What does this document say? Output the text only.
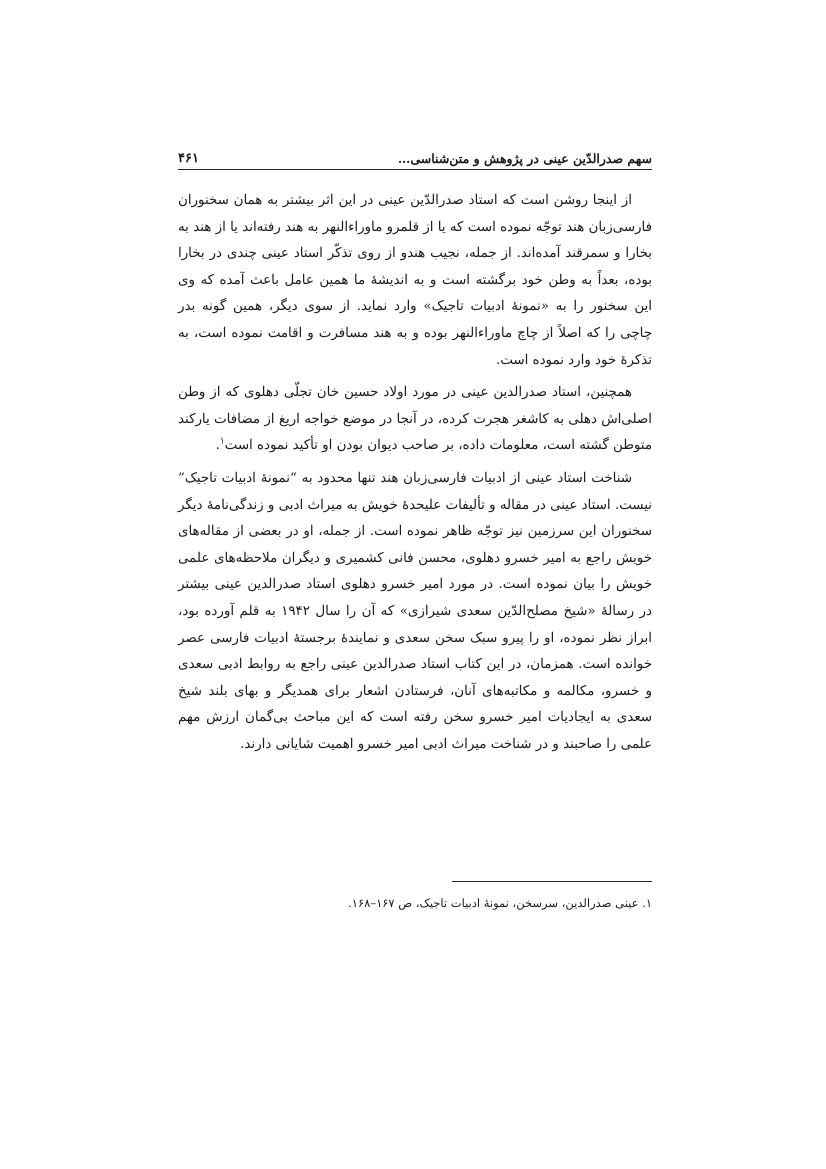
سهم صدرالدّین عینی در پژوهش و متن‌شناسی…
۴۶۱

از اینجا روشن است که استاد صدرالدّین عینی در این اثر بیشتر به همان سخنوران فارسی‌زبان هند توجّه نموده است که یا از قلمرو ماوراءالنهر به هند رفته‌اند یا از هند به بخارا و سمرقند آمده‌اند. از جمله، نجیب هندو از روی تذکّر استاد عینی چندی در بخارا بوده، بعداً به وطن خود برگشته است و به اندیشهٔ ما همین عامل باعث آمده که وی این سخنور را به «نمونهٔ ادبیات تاجیک» وارد نماید. از سوی دیگر، همین گونه بدر چاچی را که اصلاً از چاچ ماوراءالنهر بوده و به هند مسافرت و اقامت نموده است، به تذکرهٔ خود وارد نموده است.

همچنین، استاد صدرالدین عینی در مورد اولاد حسین خان تجلّی دهلوی که از وطن اصلی‌اش دهلی به کاشغر هجرت کرده، در آنجا در موضع خواجه اریغ از مضافات یارکند متوطن گشته است، معلومات داده، بر صاحب دیوان بودن او تأکید نموده است$^۱$.

شناخت استاد عینی از ادبیات فارسی‌زبان هند تنها محدود به “نمونهٔ ادبیات تاجیک” نیست. استاد عینی در مقاله و تألیفات علیحدهٔ خویش به میراث ادبی و زندگی‌نامهٔ دیگر سخنوران این سرزمین نیز توجّه ظاهر نموده است. از جمله، او در بعضی از مقاله‌های خویش راجع به امیر خسرو دهلوی، محسن فانی کشمیری و دیگران ملاحظه‌های علمی خویش را بیان نموده است. در مورد امیر خسرو دهلوی استاد صدرالدین عینی بیشتر در رسالهٔ «شیخ مصلح‌الدّین سعدی شیرازی» که آن را سال ۱۹۴۲ به قلم آورده بود، ابراز نظر نموده، او را پیرو سبک سخن سعدی و نمایندهٔ برجستهٔ ادبیات فارسی عصر خوانده است. همزمان، در این کتاب استاد صدرالدین عینی راجع به روابط ادبی سعدی و خسرو، مکالمه و مکاتبه‌های آنان، فرستادن اشعار برای همدیگر و بهای بلند شیخ سعدی به ایجادیات امیر خسرو سخن رفته است که این مباحث بی‌گمان ارزش مهم علمی را صاحبند و در شناخت میراث ادبی امیر خسرو اهمیت شایانی دارند.

۱. عینی صدرالدین، سرسخن، نمونهٔ ادبیات تاجیک، ص ۱۶۷–۱۶۸.
